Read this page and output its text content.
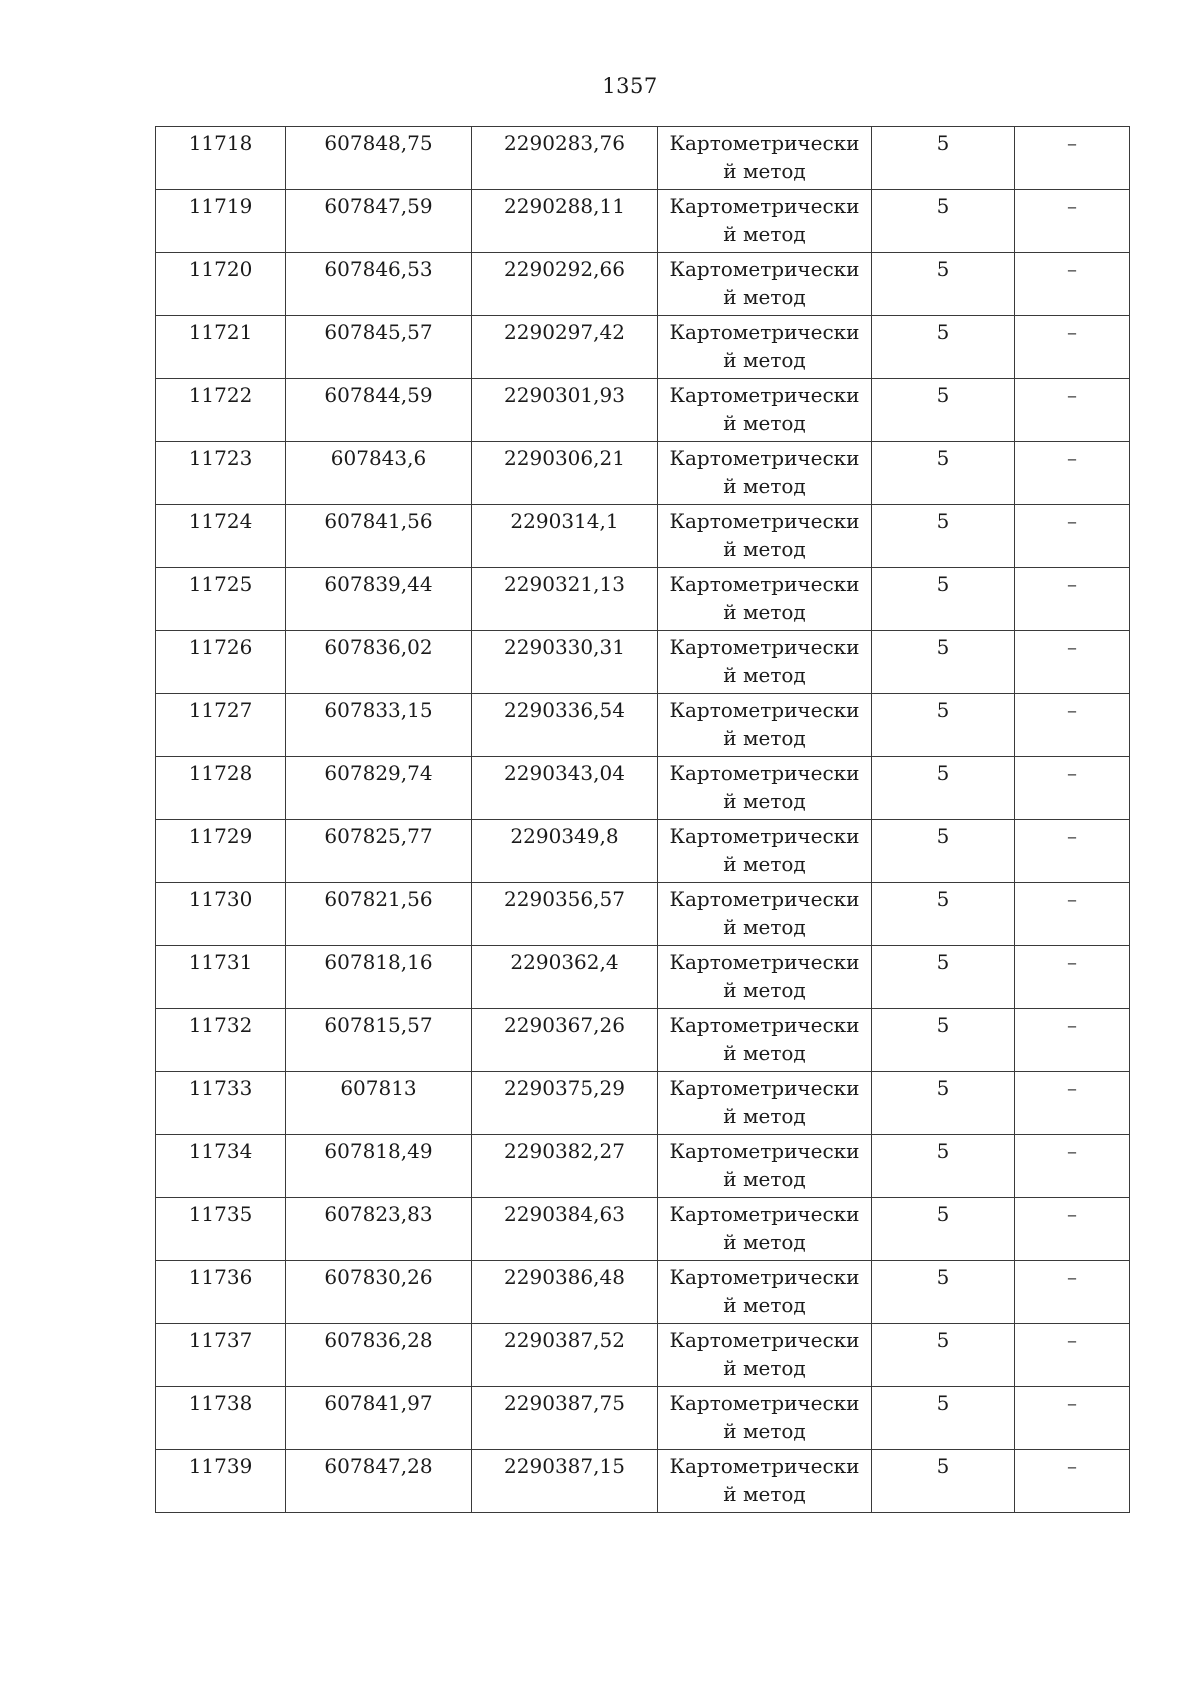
1357
11718	607848,75	2290283,76	Картометрически
й метод	5	–

11719	607847,59	2290288,11	Картометрически
й метод	5	–

11720	607846,53	2290292,66	Картометрически
й метод	5	–

11721	607845,57	2290297,42	Картометрически
й метод	5	–

11722	607844,59	2290301,93	Картометрически
й метод	5	–

11723	607843,6	2290306,21	Картометрически
й метод	5	–

11724	607841,56	2290314,1	Картометрически
й метод	5	–

11725	607839,44	2290321,13	Картометрически
й метод	5	–

11726	607836,02	2290330,31	Картометрически
й метод	5	–

11727	607833,15	2290336,54	Картометрически
й метод	5	–

11728	607829,74	2290343,04	Картометрически
й метод	5	–

11729	607825,77	2290349,8	Картометрически
й метод	5	–

11730	607821,56	2290356,57	Картометрически
й метод	5	–

11731	607818,16	2290362,4	Картометрически
й метод	5	–

11732	607815,57	2290367,26	Картометрически
й метод	5	–

11733	607813	2290375,29	Картометрически
й метод	5	–

11734	607818,49	2290382,27	Картометрически
й метод	5	–

11735	607823,83	2290384,63	Картометрически
й метод	5	–

11736	607830,26	2290386,48	Картометрически
й метод	5	–

11737	607836,28	2290387,52	Картометрически
й метод	5	–

11738	607841,97	2290387,75	Картометрически
й метод	5	–

11739	607847,28	2290387,15	Картометрически
й метод	5	–
